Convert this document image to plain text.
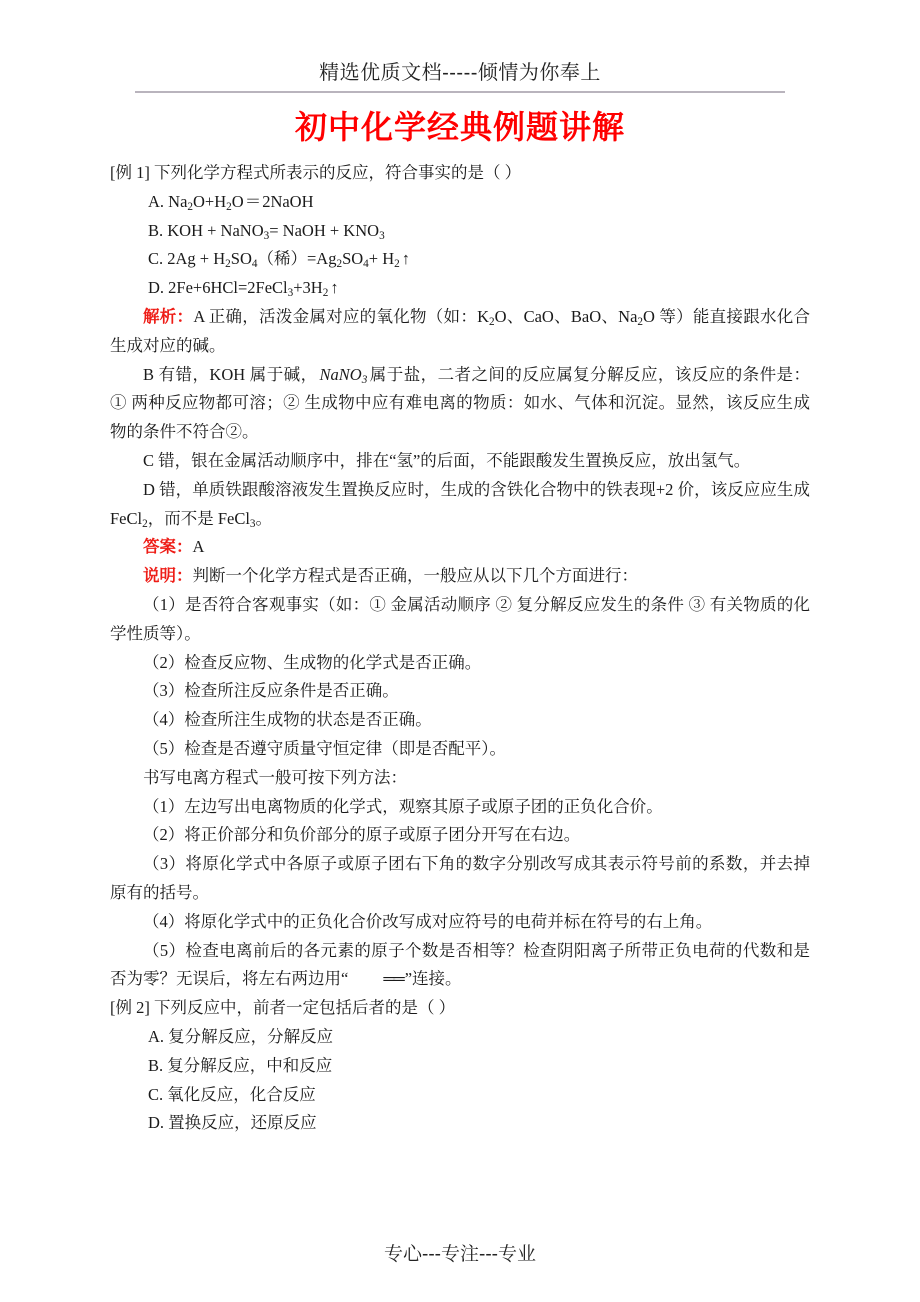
精选优质文档-----倾情为你奉上
初中化学经典例题讲解

[例 1] 下列化学方程式所表示的反应，符合事实的是（ ）

A. $Na_2O+H_2O=2NaOH$

B. KOH + NaNO$_3$= NaOH + $KNO_3$

C. $2Ag + H_2SO_4$（稀）$=Ag_2SO_4+ H_2$ ↑

D. $2Fe+6HCl=2FeCl_3+3H_2$ ↑

解析：A 正确，活泼金属对应的氧化物（如：$K_2O$、CaO、BaO、$Na_2O$ 等）能直接跟水化合生成对应的碱。

B 有错，KOH 属于碱， NaNO$_3$ 属于盐，二者之间的反应属复分解反应，该反应的条件是：① 两种反应物都可溶；② 生成物中应有难电离的物质：如水、气体和沉淀。显然，该反应生成物的条件不符合②。

C 错，银在金属活动顺序中，排在“氢”的后面，不能跟酸发生置换反应，放出氢气。

D 错，单质铁跟酸溶液发生置换反应时，生成的含铁化合物中的铁表现+2 价，该反应应生成 FeCl$_2$，而不是 FeCl$_3$。

答案：A

说明：判断一个化学方程式是否正确，一般应从以下几个方面进行：

（1）是否符合客观事实（如：① 金属活动顺序 ② 复分解反应发生的条件 ③ 有关物质的化学性质等）。

（2）检查反应物、生成物的化学式是否正确。

（3）检查所注反应条件是否正确。

（4）检查所注生成物的状态是否正确。

（5）检查是否遵守质量守恒定律（即是否配平）。

书写电离方程式一般可按下列方法：

（1）左边写出电离物质的化学式，观察其原子或原子团的正负化合价。

（2）将正价部分和负价部分的原子或原子团分开写在右边。

（3）将原化学式中各原子或原子团右下角的数字分别改写成其表示符号前的系数，并去掉原有的括号。

（4）将原化学式中的正负化合价改写成对应符号的电荷并标在符号的右上角。

（5）检查电离前后的各元素的原子个数是否相等？检查阴阳离子所带正负电荷的代数和是否为零？无误后，将左右两边用“ ══ ”连接。

[例 2] 下列反应中，前者一定包括后者的是（ ）

A. 复分解反应，分解反应

B. 复分解反应，中和反应

C. 氧化反应，化合反应

D. 置换反应，还原反应

专心---专注---专业
